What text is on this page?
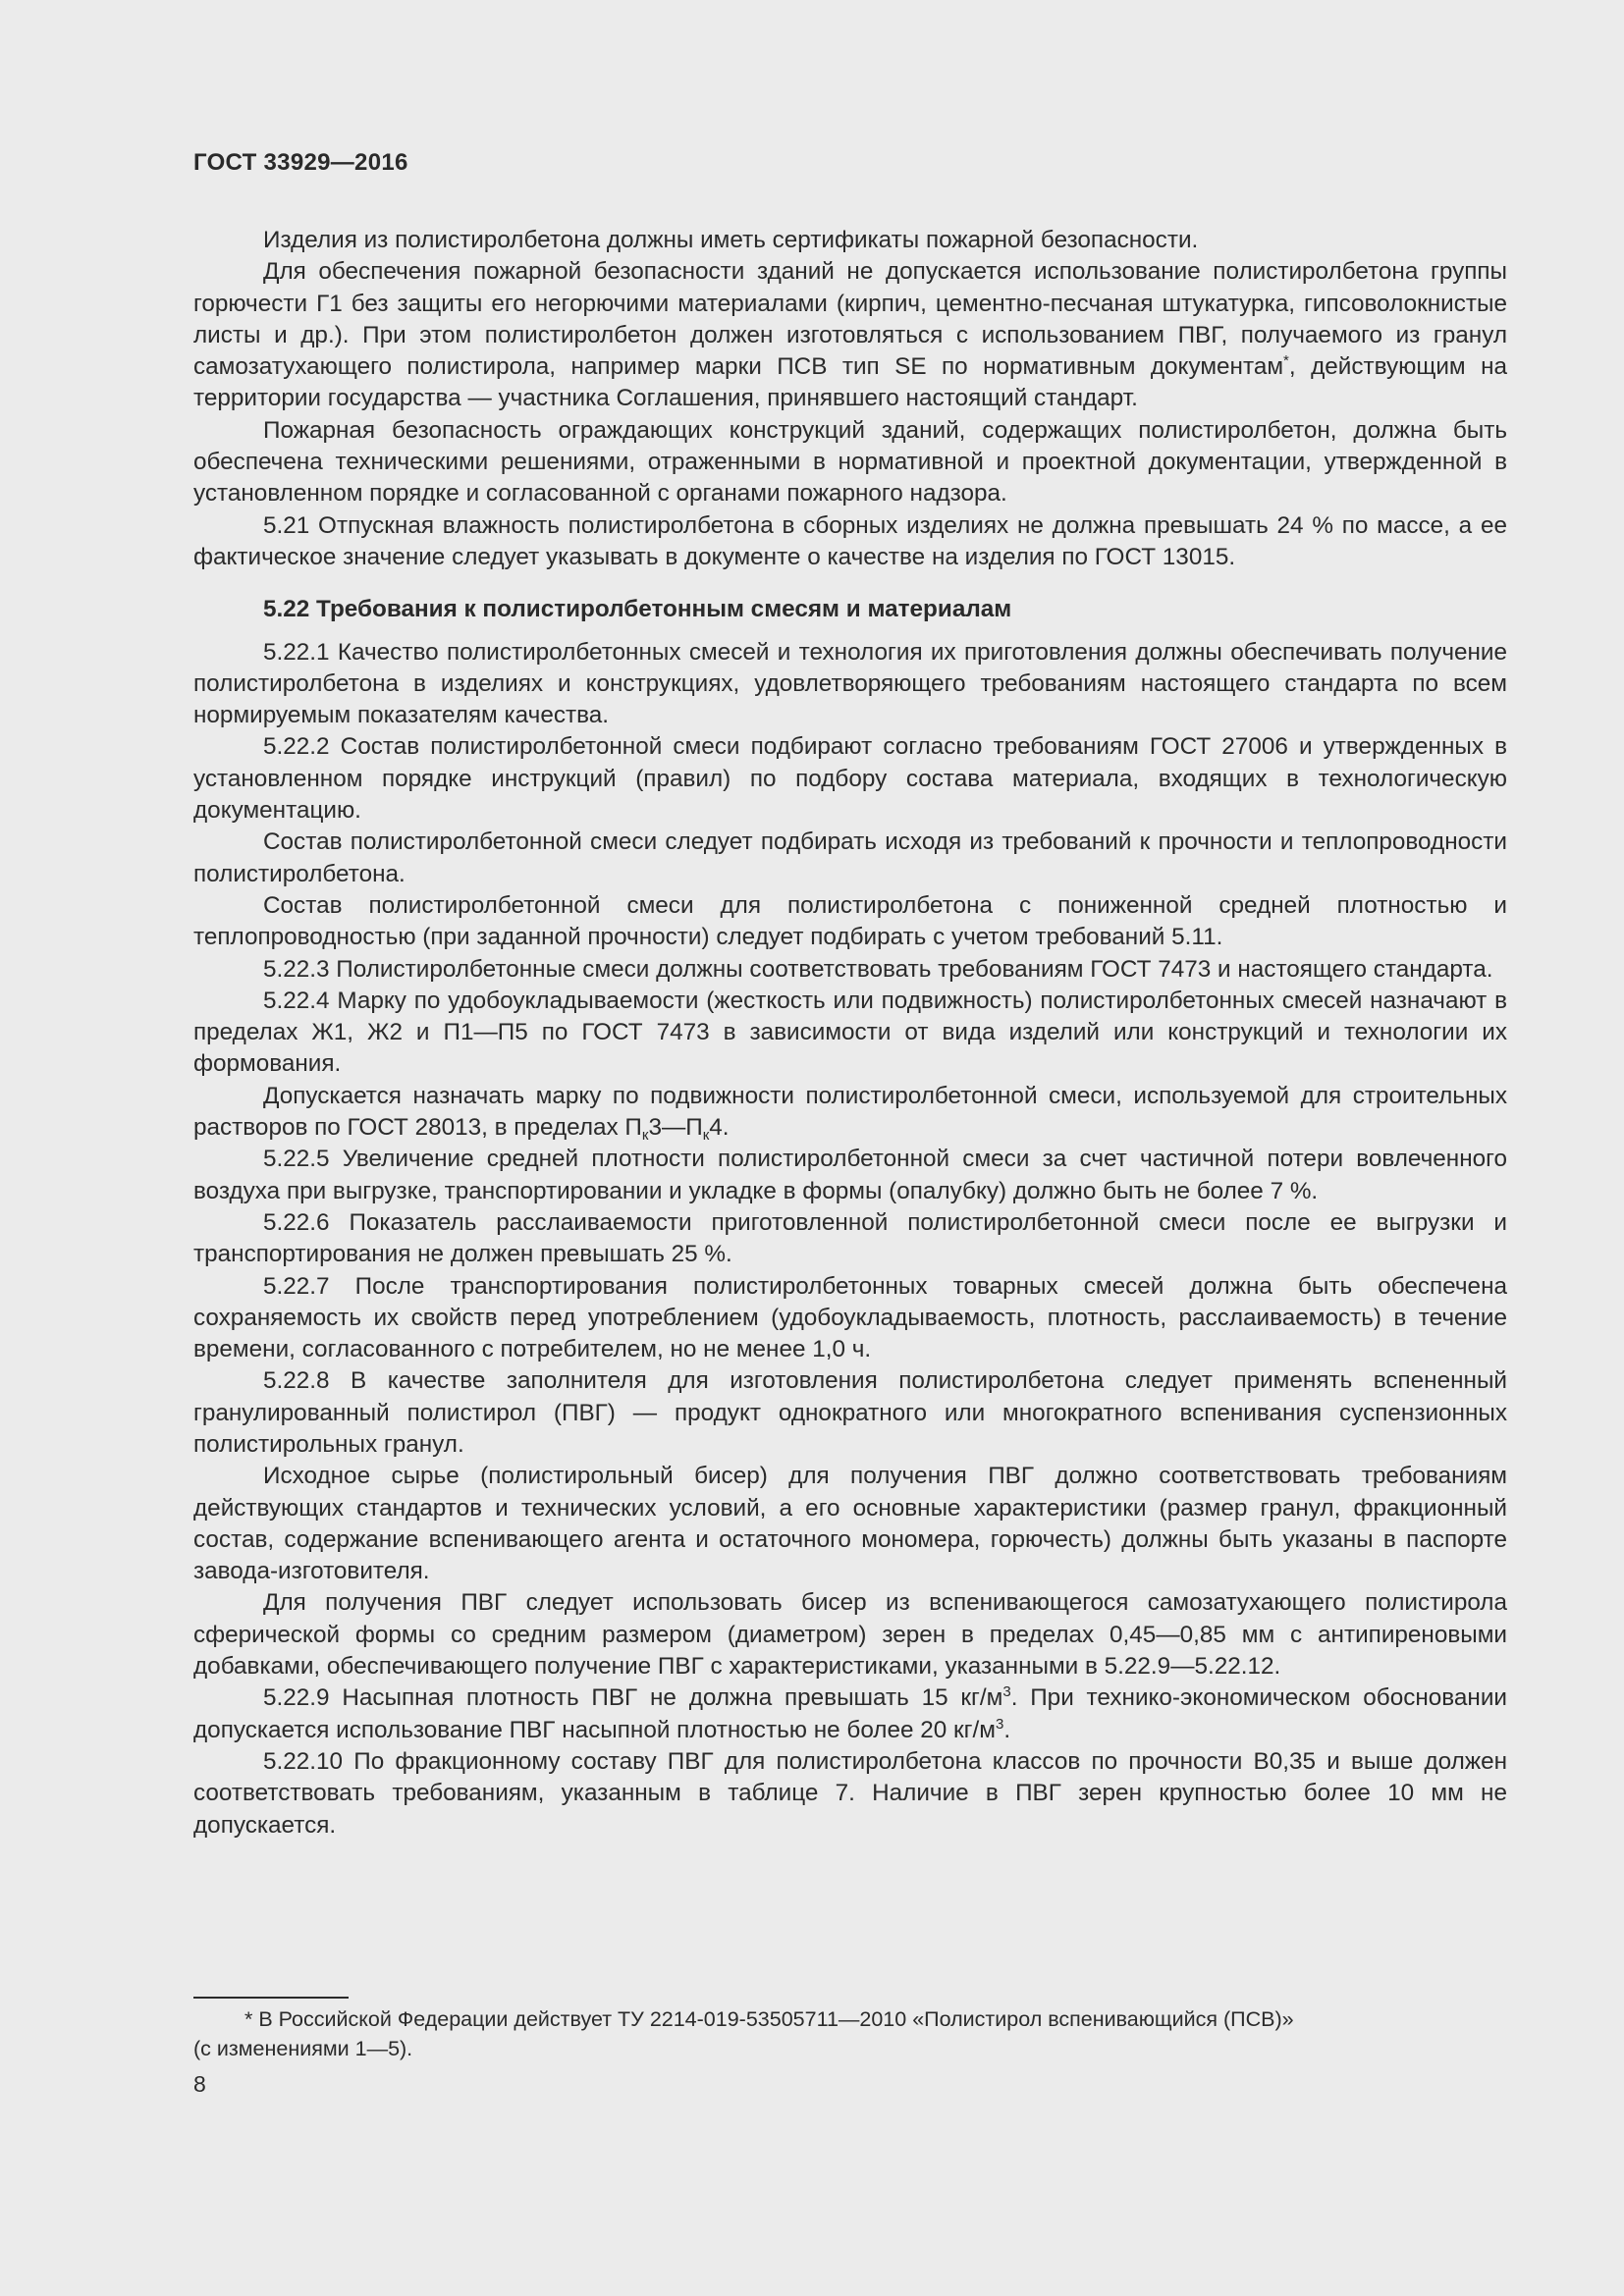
ГОСТ 33929—2016

Изделия из полистиролбетона должны иметь сертификаты пожарной безопасности.

Для обеспечения пожарной безопасности зданий не допускается использование полистиролбетона группы горючести Г1 без защиты его негорючими материалами (кирпич, цементно-песчаная штукатурка, гипсоволокнистые листы и др.). При этом полистиролбетон должен изготовляться с использованием ПВГ, получаемого из гранул самозатухающего полистирола, например марки ПСВ тип SE по нормативным документам*, действующим на территории государства — участника Соглашения, принявшего настоящий стандарт.

Пожарная безопасность ограждающих конструкций зданий, содержащих полистиролбетон, должна быть обеспечена техническими решениями, отраженными в нормативной и проектной документации, утвержденной в установленном порядке и согласованной с органами пожарного надзора.

5.21 Отпускная влажность полистиролбетона в сборных изделиях не должна превышать 24 % по массе, а ее фактическое значение следует указывать в документе о качестве на изделия по ГОСТ 13015.

5.22 Требования к полистиролбетонным смесям и материалам

5.22.1 Качество полистиролбетонных смесей и технология их приготовления должны обеспечивать получение полистиролбетона в изделиях и конструкциях, удовлетворяющего требованиям настоящего стандарта по всем нормируемым показателям качества.

5.22.2 Состав полистиролбетонной смеси подбирают согласно требованиям ГОСТ 27006 и утвержденных в установленном порядке инструкций (правил) по подбору состава материала, входящих в технологическую документацию.

Состав полистиролбетонной смеси следует подбирать исходя из требований к прочности и теплопроводности полистиролбетона.

Состав полистиролбетонной смеси для полистиролбетона с пониженной средней плотностью и теплопроводностью (при заданной прочности) следует подбирать с учетом требований 5.11.

5.22.3 Полистиролбетонные смеси должны соответствовать требованиям ГОСТ 7473 и настоящего стандарта.

5.22.4 Марку по удобоукладываемости (жесткость или подвижность) полистиролбетонных смесей назначают в пределах Ж1, Ж2 и П1—П5 по ГОСТ 7473 в зависимости от вида изделий или конструкций и технологии их формования.

Допускается назначать марку по подвижности полистиролбетонной смеси, используемой для строительных растворов по ГОСТ 28013, в пределах $П_к3—П_к4$.

5.22.5 Увеличение средней плотности полистиролбетонной смеси за счет частичной потери вовлеченного воздуха при выгрузке, транспортировании и укладке в формы (опалубку) должно быть не более 7 %.

5.22.6 Показатель расслаиваемости приготовленной полистиролбетонной смеси после ее выгрузки и транспортирования не должен превышать 25 %.

5.22.7 После транспортирования полистиролбетонных товарных смесей должна быть обеспечена сохраняемость их свойств перед употреблением (удобоукладываемость, плотность, расслаиваемость) в течение времени, согласованного с потребителем, но не менее 1,0 ч.

5.22.8 В качестве заполнителя для изготовления полистиролбетона следует применять вспененный гранулированный полистирол (ПВГ) — продукт однократного или многократного вспенивания суспензионных полистирольных гранул.

Исходное сырье (полистирольный бисер) для получения ПВГ должно соответствовать требованиям действующих стандартов и технических условий, а его основные характеристики (размер гранул, фракционный состав, содержание вспенивающего агента и остаточного мономера, горючесть) должны быть указаны в паспорте завода-изготовителя.

Для получения ПВГ следует использовать бисер из вспенивающегося самозатухающего полистирола сферической формы со средним размером (диаметром) зерен в пределах 0,45—0,85 мм с антипиреновыми добавками, обеспечивающего получение ПВГ с характеристиками, указанными в 5.22.9—5.22.12.

5.22.9 Насыпная плотность ПВГ не должна превышать 15 $кг/м^3$. При технико-экономическом обосновании допускается использование ПВГ насыпной плотностью не более 20 $кг/м^3$.

5.22.10 По фракционному составу ПВГ для полистиролбетона классов по прочности В0,35 и выше должен соответствовать требованиям, указанным в таблице 7. Наличие в ПВГ зерен крупностью более 10 мм не допускается.

* В Российской Федерации действует ТУ 2214-019-53505711—2010 «Полистирол вспенивающийся (ПСВ)»
(с изменениями 1—5).
8
